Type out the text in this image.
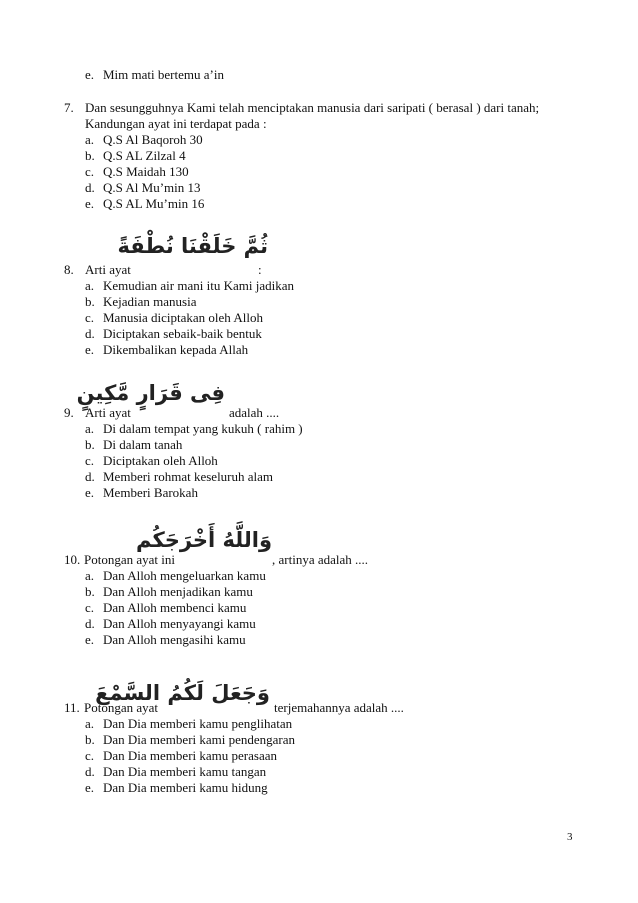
e. Mim mati bertemu a’in
7. Dan sesungguhnya Kami telah menciptakan manusia dari saripati ( berasal ) dari tanah;
Kandungan ayat ini terdapat pada :
a. Q.S Al Baqoroh 30
b. Q.S AL Zilzal 4
c. Q.S Maidah 130
d. Q.S Al Mu’min 13
e. Q.S AL Mu’min 16
ثُمَّ خَلَقْنَا نُطْفَةً
8. Arti ayat	:
a. Kemudian air mani itu Kami jadikan
b. Kejadian manusia
c. Manusia diciptakan oleh Alloh
d. Diciptakan sebaik-baik bentuk
e. Dikembalikan kepada Allah
فِى قَرَارٍ مَّكِينٍ
9. Arti ayat	adalah ....
a. Di dalam tempat yang kukuh ( rahim )
b. Di dalam tanah
c. Diciptakan oleh Alloh
d. Memberi rohmat keseluruh alam
e. Memberi Barokah
وَاللَّهُ أَخْرَجَكُم
10. Potongan ayat ini	, artinya adalah ....
a. Dan Alloh mengeluarkan kamu
b. Dan Alloh menjadikan kamu
c. Dan Alloh membenci kamu
d. Dan Alloh menyayangi kamu
e. Dan Alloh mengasihi kamu
وَجَعَلَ لَكُمُ السَّمْعَ
11. Potongan ayat	terjemahannya adalah ....
a. Dan Dia memberi kamu penglihatan
b. Dan Dia memberi kami pendengaran
c. Dan Dia memberi kamu perasaan
d. Dan Dia memberi kamu tangan
e. Dan Dia memberi kamu hidung
3
